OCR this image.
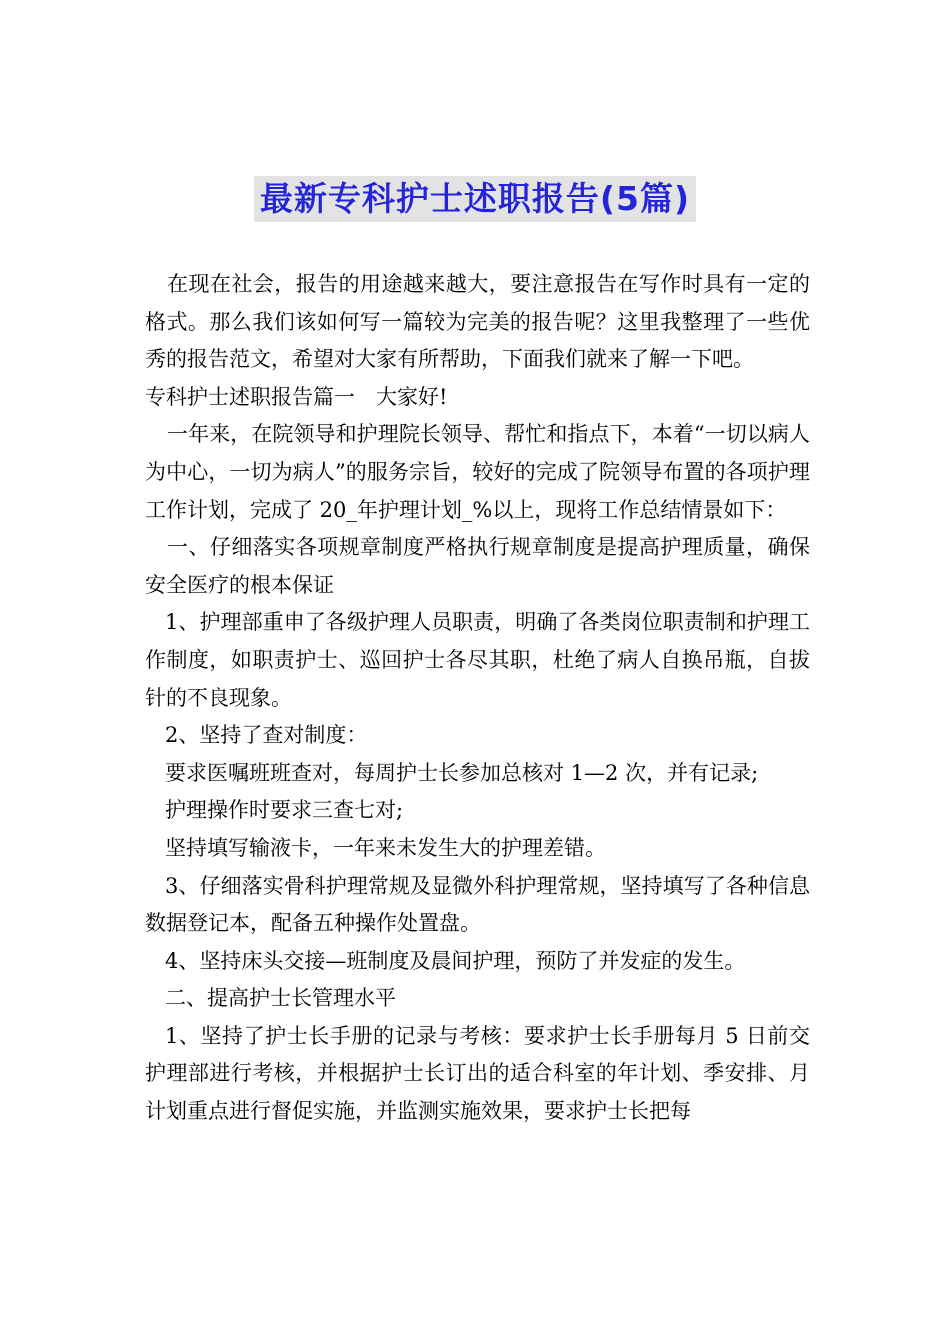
最新专科护士述职报告(5篇)

在现在社会，报告的用途越来越大，要注意报告在写作时具有一定的格式。那么我们该如何写一篇较为完美的报告呢？这里我整理了一些优秀的报告范文，希望对大家有所帮助，下面我们就来了解一下吧。

专科护士述职报告篇一　大家好!

一年来，在院领导和护理院长领导、帮忙和指点下，本着“一切以病人为中心，一切为病人”的服务宗旨，较好的完成了院领导布置的各项护理工作计划，完成了 20_年护理计划_%以上，现将工作总结情景如下：

一、仔细落实各项规章制度严格执行规章制度是提高护理质量，确保安全医疗的根本保证

1、护理部重申了各级护理人员职责，明确了各类岗位职责制和护理工作制度，如职责护士、巡回护士各尽其职，杜绝了病人自换吊瓶，自拔针的不良现象。

2、坚持了查对制度：

要求医嘱班班查对，每周护士长参加总核对 1—2 次，并有记录;

护理操作时要求三查七对;

坚持填写输液卡，一年来未发生大的护理差错。

3、仔细落实骨科护理常规及显微外科护理常规，坚持填写了各种信息数据登记本，配备五种操作处置盘。

4、坚持床头交接—班制度及晨间护理，预防了并发症的发生。

二、提高护士长管理水平

1、坚持了护士长手册的记录与考核：要求护士长手册每月 5 日前交护理部进行考核，并根据护士长订出的适合科室的年计划、季安排、月计划重点进行督促实施，并监测实施效果，要求护士长把每
